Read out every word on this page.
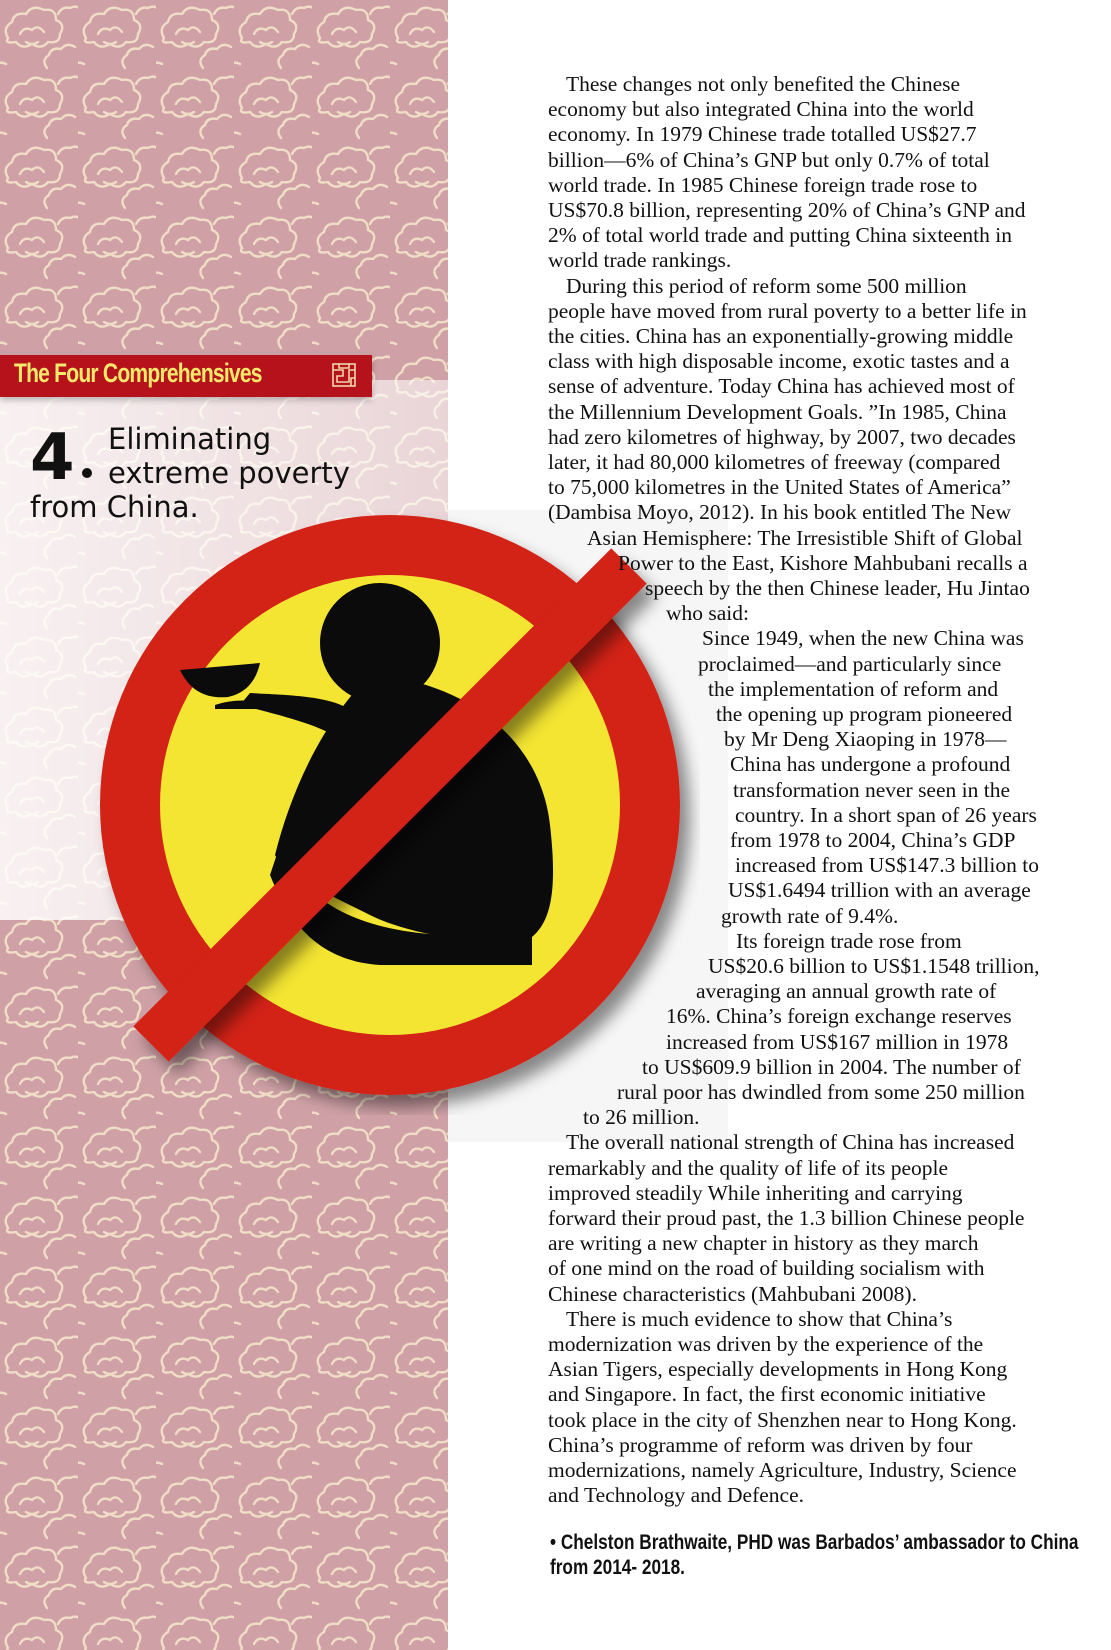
The Four Comprehensives
4 Eliminating
extreme poverty
from China.
These changes not only benefited the Chinese
economy but also integrated China into the world
economy. In 1979 Chinese trade totalled US$27.7
billion—6% of China’s GNP but only 0.7% of total
world trade. In 1985 Chinese foreign trade rose to
US$70.8 billion, representing 20% of China’s GNP and
2% of total world trade and putting China sixteenth in
world trade rankings.
During this period of reform some 500 million
people have moved from rural poverty to a better life in
the cities. China has an exponentially-growing middle
class with high disposable income, exotic tastes and a
sense of adventure. Today China has achieved most of
the Millennium Development Goals. ”In 1985, China
had zero kilometres of highway, by 2007, two decades
later, it had 80,000 kilometres of freeway (compared
to 75,000 kilometres in the United States of America”
(Dambisa Moyo, 2012). In his book entitled The New
Asian Hemisphere: The Irresistible Shift of Global
Power to the East, Kishore Mahbubani recalls a
speech by the then Chinese leader, Hu Jintao
who said:
Since 1949, when the new China was
proclaimed—and particularly since
the implementation of reform and
the opening up program pioneered
by Mr Deng Xiaoping in 1978—
China has undergone a profound
transformation never seen in the
country. In a short span of 26 years
from 1978 to 2004, China’s GDP
increased from US$147.3 billion to
US$1.6494 trillion with an average
growth rate of 9.4%.
Its foreign trade rose from
US$20.6 billion to US$1.1548 trillion,
averaging an annual growth rate of
16%. China’s foreign exchange reserves
increased from US$167 million in 1978
to US$609.9 billion in 2004. The number of
rural poor has dwindled from some 250 million
to 26 million.
The overall national strength of China has increased
remarkably and the quality of life of its people
improved steadily While inheriting and carrying
forward their proud past, the 1.3 billion Chinese people
are writing a new chapter in history as they march
of one mind on the road of building socialism with
Chinese characteristics (Mahbubani 2008).
There is much evidence to show that China’s
modernization was driven by the experience of the
Asian Tigers, especially developments in Hong Kong
and Singapore. In fact, the first economic initiative
took place in the city of Shenzhen near to Hong Kong.
China’s programme of reform was driven by four
modernizations, namely Agriculture, Industry, Science
and Technology and Defence.
• Chelston Brathwaite, PHD was Barbados’ ambassador to China
from 2014- 2018.
